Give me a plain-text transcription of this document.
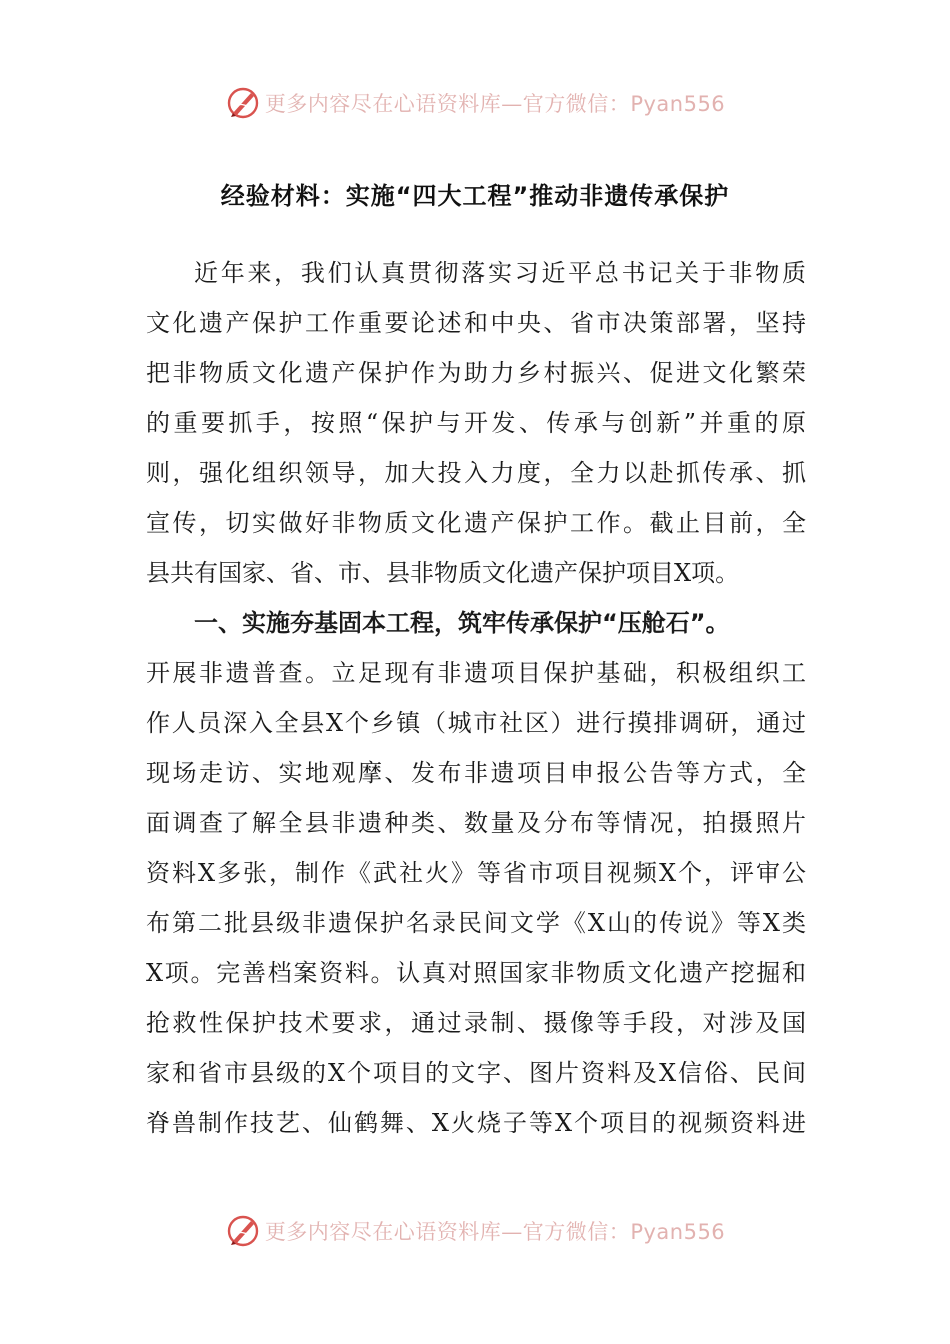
更多内容尽在心语资料库—官方微信：Pyan556
经验材料：实施“四大工程”推动非遗传承保护
近年来，我们认真贯彻落实习近平总书记关于非物质
文化遗产保护工作重要论述和中央、省市决策部署，坚持
把非物质文化遗产保护作为助力乡村振兴、促进文化繁荣
的重要抓手，按照“保护与开发、传承与创新”并重的原
则，强化组织领导，加大投入力度，全力以赴抓传承、抓
宣传，切实做好非物质文化遗产保护工作。截止目前，全
县共有国家、省、市、县非物质文化遗产保护项目X项。
一、实施夯基固本工程，筑牢传承保护“压舱石”。
开展非遗普查。立足现有非遗项目保护基础，积极组织工
作人员深入全县X个乡镇（城市社区）进行摸排调研，通过
现场走访、实地观摩、发布非遗项目申报公告等方式，全
面调查了解全县非遗种类、数量及分布等情况，拍摄照片
资料X多张，制作《武社火》等省市项目视频X个，评审公
布第二批县级非遗保护名录民间文学《X山的传说》等X类
X项。完善档案资料。认真对照国家非物质文化遗产挖掘和
抢救性保护技术要求，通过录制、摄像等手段，对涉及国
家和省市县级的X个项目的文字、图片资料及X信俗、民间
脊兽制作技艺、仙鹤舞、X火烧子等X个项目的视频资料进
更多内容尽在心语资料库—官方微信：Pyan556
